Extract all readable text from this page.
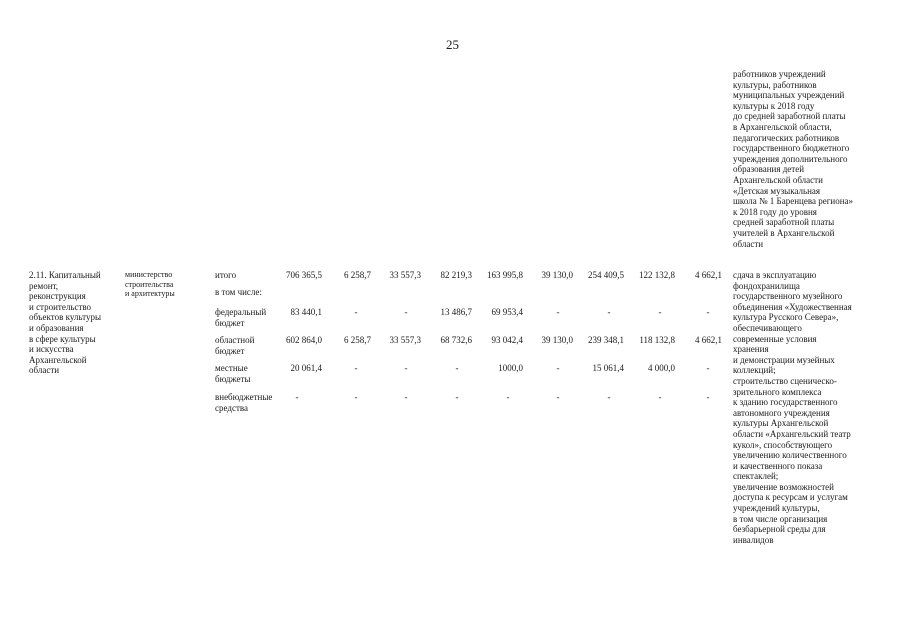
25
работников учреждений
культуры, работников
муниципальных учреждений
культуры к 2018 году
до средней заработной платы
в Архангельской области,
педагогических работников
государственного бюджетного
учреждения дополнительного
образования детей
Архангельской области
«Детская музыкальная
школа № 1 Баренцева региона»
к 2018 году до уровня
средней заработной платы
учителей в Архангельской
области
2.11. Капитальный
ремонт,
реконструкция
и строительство
объектов культуры
и образования
в сфере культуры
и искусства
Архангельской
области
министерство
строительства
и архитектуры
итого	706 365,5	6 258,7	33 557,3	82 219,3	163 995,8	39 130,0	254 409,5	122 132,8	4 662,1
в том числе:
федеральный
бюджет
83 440,1	-	-	13 486,7	69 953,4	-	-	-	-
областной
бюджет
602 864,0	6 258,7	33 557,3	68 732,6	93 042,4	39 130,0	239 348,1	118 132,8	4 662,1
местные
бюджеты
20 061,4	-	-	-	1000,0	-	15 061,4	4 000,0	-
внебюджетные
средства
-	-	-	-	-	-	-	-	-
сдача в эксплуатацию
фондохранилища
государственного музейного
объединения «Художественная
культура Русского Севера»,
обеспечивающего
современные условия
хранения
и демонстрации музейных
коллекций;
строительство сценическо-
зрительного комплекса
к зданию государственного
автономного учреждения
культуры Архангельской
области «Архангельский театр
кукол», способствующего
увеличению количественного
и качественного показа
спектаклей;
увеличение возможностей
доступа к ресурсам и услугам
учреждений культуры,
в том числе организация
безбарьерной среды для
инвалидов
